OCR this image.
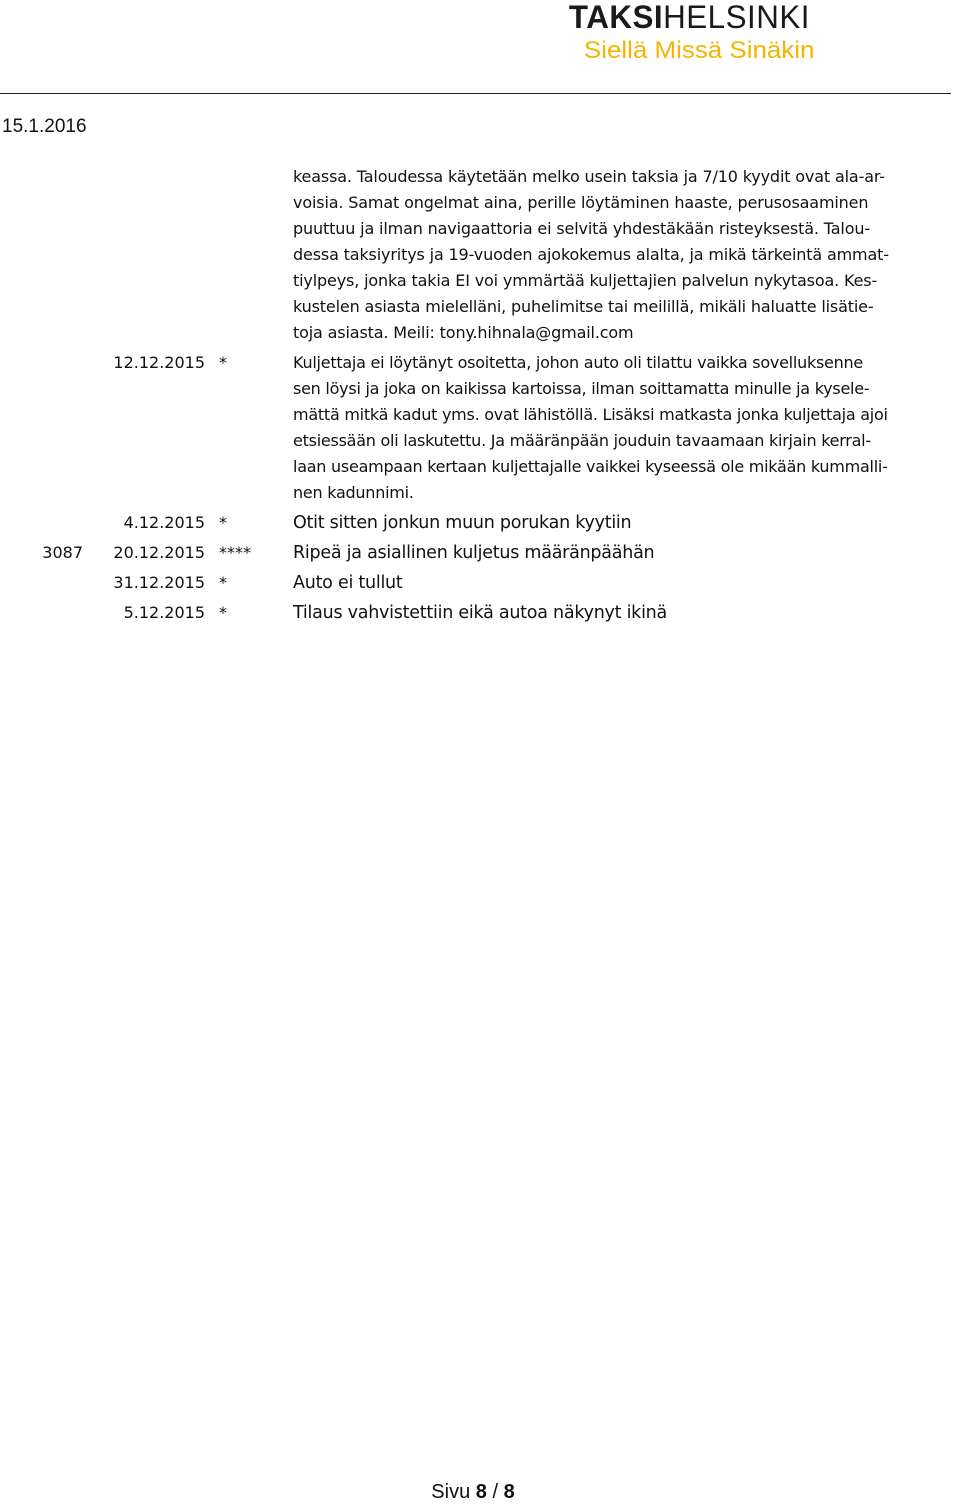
TAKSIHELSINKI
Siellä Missä Sinäkin
15.1.2016
keassa. Taloudessa käytetään melko usein taksia ja 7/10 kyydit ovat ala-ar-
voisia. Samat ongelmat aina, perille löytäminen haaste, perusosaaminen
puuttuu ja ilman navigaattoria ei selvitä yhdestäkään risteyksestä. Talou-
dessa taksiyritys ja 19-vuoden ajokokemus alalta, ja mikä tärkeintä ammat-
tiylpeys, jonka takia EI voi ymmärtää kuljettajien palvelun nykytasoa. Kes-
kustelen asiasta mielelläni, puhelimitse tai meilillä, mikäli haluatte lisätie-
toja asiasta. Meili: tony.hihnala@gmail.com
12.12.2015 *	Kuljettaja ei löytänyt osoitetta, johon auto oli tilattu vaikka sovelluksenne
sen löysi ja joka on kaikissa kartoissa, ilman soittamatta minulle ja kysele-
mättä mitkä kadut yms. ovat lähistöllä. Lisäksi matkasta jonka kuljettaja ajoi
etsiessään oli laskutettu. Ja määränpään jouduin tavaamaan kirjain kerral-
laan useampaan kertaan kuljettajalle vaikkei kyseessä ole mikään kummalli-
nen kadunnimi.
4.12.2015 *	Otit sitten jonkun muun porukan kyytiin
3087 20.12.2015 **** Ripeä ja asiallinen kuljetus määränpäähän
31.12.2015 *	Auto ei tullut
5.12.2015 *	Tilaus vahvistettiin eikä autoa näkynyt ikinä
Sivu 8 / 8
